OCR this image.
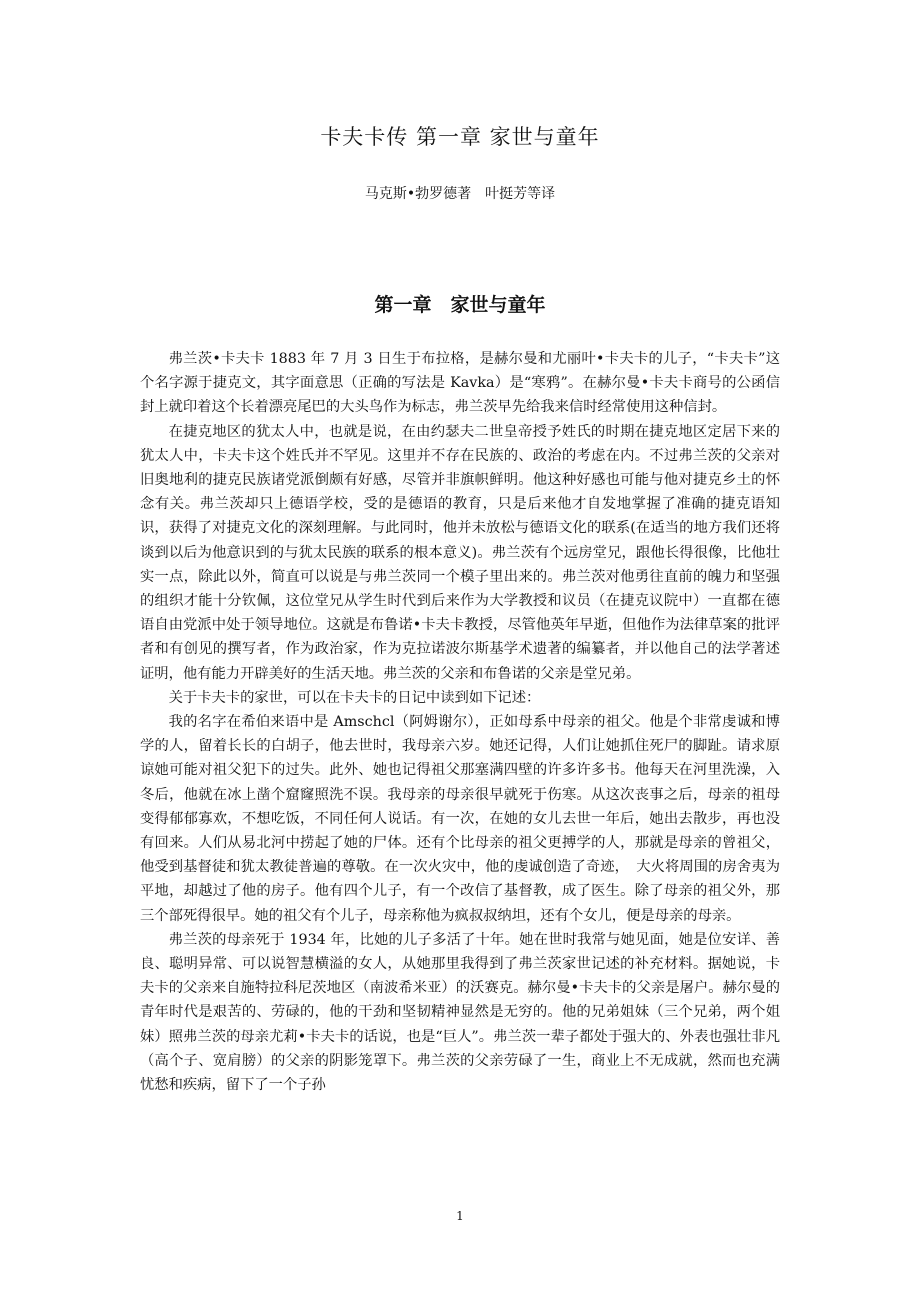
卡夫卡传 第一章 家世与童年
马克斯•勃罗德著　叶挺芳等译
第一章　家世与童年

弗兰茨•卡夫卡 1883 年 7 月 3 日生于布拉格，是赫尔曼和尤丽叶•卡夫卡的儿子，“卡夫卡”这个名字源于捷克文，其字面意思（正确的写法是 Kavka）是“寒鸦”。在赫尔曼•卡夫卡商号的公函信封上就印着这个长着漂亮尾巴的大头鸟作为标志，弗兰茨早先给我来信时经常使用这种信封。

在捷克地区的犹太人中，也就是说，在由约瑟夫二世皇帝授予姓氏的时期在捷克地区定居下来的犹太人中，卡夫卡这个姓氏并不罕见。这里并不存在民族的、政治的考虑在内。不过弗兰茨的父亲对旧奥地利的捷克民族诸党派倒颇有好感，尽管并非旗帜鲜明。他这种好感也可能与他对捷克乡土的怀念有关。弗兰茨却只上德语学校，受的是德语的教育，只是后来他才自发地掌握了准确的捷克语知识，获得了对捷克文化的深刻理解。与此同时，他并未放松与德语文化的联系(在适当的地方我们还将谈到以后为他意识到的与犹太民族的联系的根本意义)。弗兰茨有个远房堂兄，跟他长得很像，比他壮实一点，除此以外，简直可以说是与弗兰茨同一个模子里出来的。弗兰茨对他勇往直前的魄力和坚强的组织才能十分钦佩，这位堂兄从学生时代到后来作为大学教授和议员（在捷克议院中）一直都在德语自由党派中处于领导地位。这就是布鲁诺•卡夫卡教授，尽管他英年早逝，但他作为法律草案的批评者和有创见的撰写者，作为政治家，作为克拉诺波尔斯基学术遗著的编纂者，并以他自己的法学著述证明，他有能力开辟美好的生活天地。弗兰茨的父亲和布鲁诺的父亲是堂兄弟。

关于卡夫卡的家世，可以在卡夫卡的日记中读到如下记述：

我的名字在希伯来语中是 Amschcl（阿姆谢尔），正如母系中母亲的祖父。他是个非常虔诚和博学的人，留着长长的白胡子，他去世时，我母亲六岁。她还记得，人们让她抓住死尸的脚趾。请求原谅她可能对祖父犯下的过失。此外、她也记得祖父那塞满四壁的许多许多书。他每天在河里洗澡，入冬后，他就在冰上凿个窟窿照洗不误。我母亲的母亲很早就死于伤寒。从这次丧事之后，母亲的祖母变得郁郁寡欢，不想吃饭，不同任何人说话。有一次，在她的女儿去世一年后，她出去散步，再也没有回来。人们从易北河中捞起了她的尸体。还有个比母亲的祖父更搏学的人，那就是母亲的曾祖父，他受到基督徒和犹太教徒普遍的尊敬。在一次火灾中，他的虔诚创造了奇迹，　大火将周围的房舍夷为平地，却越过了他的房子。他有四个儿子，有一个改信了基督教，成了医生。除了母亲的祖父外，那三个部死得很早。她的祖父有个儿子，母亲称他为疯叔叔纳坦，还有个女儿，便是母亲的母亲。

弗兰茨的母亲死于 1934 年，比她的儿子多活了十年。她在世时我常与她见面，她是位安详、善良、聪明异常、可以说智慧横溢的女人，从她那里我得到了弗兰茨家世记述的补充材料。据她说，卡夫卡的父亲来自施特拉科尼茨地区（南波希米亚）的沃赛克。赫尔曼•卡夫卡的父亲是屠户。赫尔曼的青年时代是艰苦的、劳碌的，他的干劲和坚韧精神显然是无穷的。他的兄弟姐妹（三个兄弟，两个姐妹）照弗兰茨的母亲尤莉•卡夫卡的话说，也是“巨人”。弗兰茨一辈子都处于强大的、外表也强壮非凡（高个子、宽肩膀）的父亲的阴影笼罩下。弗兰茨的父亲劳碌了一生，商业上不无成就，然而也充满忧愁和疾病，留下了一个子孙

1
